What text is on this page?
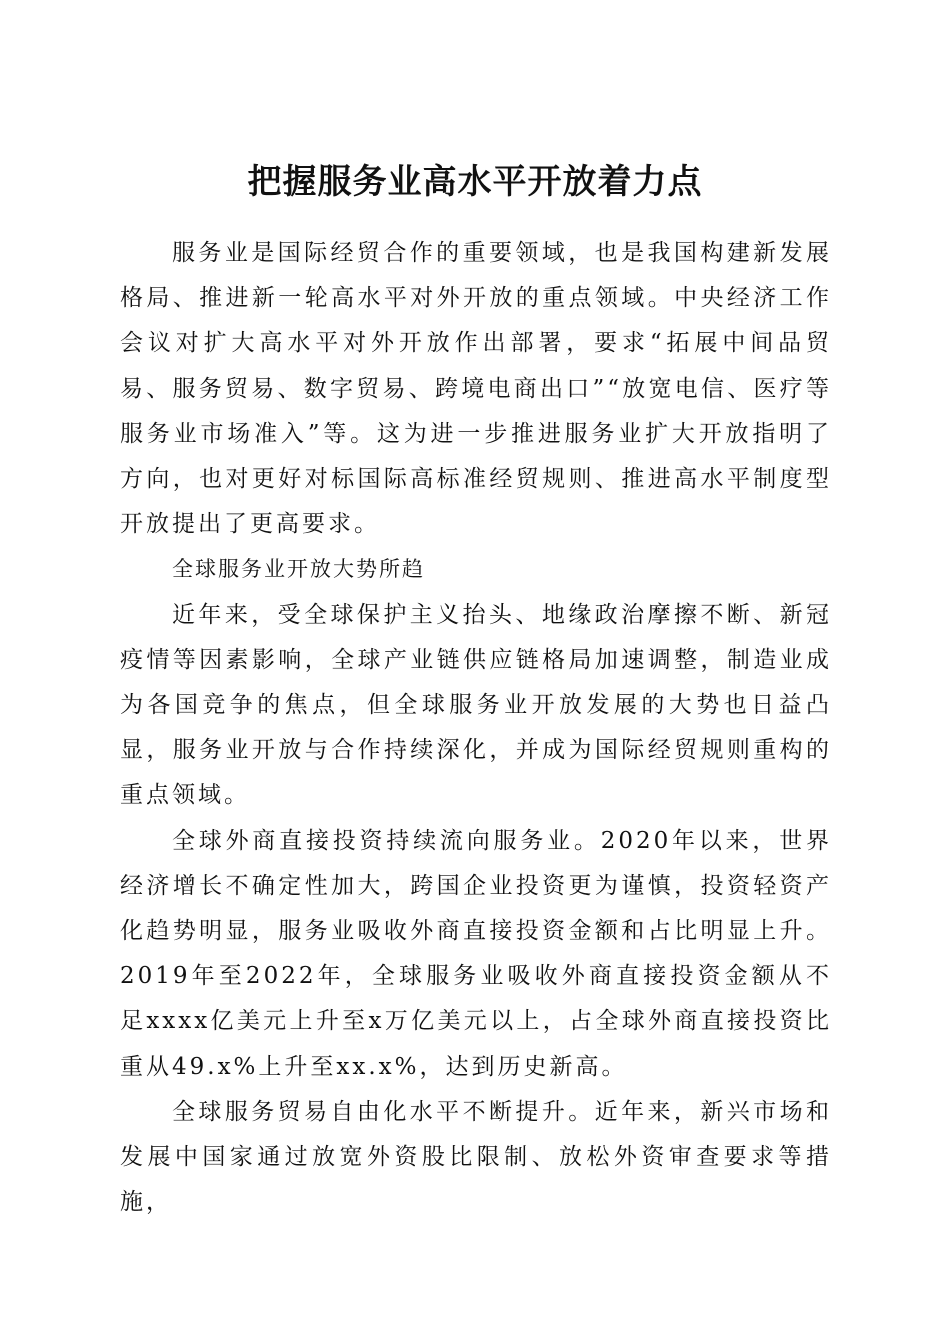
把握服务业高水平开放着力点

服务业是国际经贸合作的重要领域，也是我国构建新发展格局、推进新一轮高水平对外开放的重点领域。中央经济工作会议对扩大高水平对外开放作出部署，要求“拓展中间品贸易、服务贸易、数字贸易、跨境电商出口”“放宽电信、医疗等服务业市场准入”等。这为进一步推进服务业扩大开放指明了方向，也对更好对标国际高标准经贸规则、推进高水平制度型开放提出了更高要求。

全球服务业开放大势所趋

近年来，受全球保护主义抬头、地缘政治摩擦不断、新冠疫情等因素影响，全球产业链供应链格局加速调整，制造业成为各国竞争的焦点，但全球服务业开放发展的大势也日益凸显，服务业开放与合作持续深化，并成为国际经贸规则重构的重点领域。

全球外商直接投资持续流向服务业。2020年以来，世界经济增长不确定性加大，跨国企业投资更为谨慎，投资轻资产化趋势明显，服务业吸收外商直接投资金额和占比明显上升。2019年至2022年，全球服务业吸收外商直接投资金额从不足xxxx亿美元上升至x万亿美元以上，占全球外商直接投资比重从49.x%上升至xx.x%，达到历史新高。

全球服务贸易自由化水平不断提升。近年来，新兴市场和发展中国家通过放宽外资股比限制、放松外资审查要求等措施，
